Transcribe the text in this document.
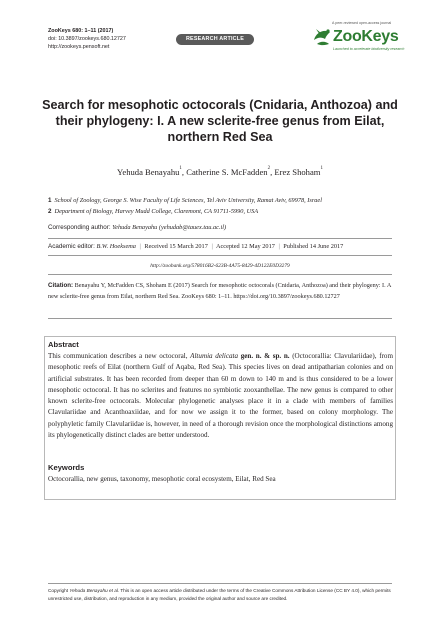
ZooKeys 680: 1–11 (2017)
doi: 10.3897/zookeys.680.12727
http://zookeys.pensoft.net
RESEARCH ARTICLE
A peer-reviewed open-access journal
ZooKeys
Launched to accelerate biodiversity research
Search for mesophotic octocorals (Cnidaria, Anthozoa) and their phylogeny: I. A new sclerite-free genus from Eilat, northern Red Sea
Yehuda Benayahu$^1$, Catherine S. McFadden$^2$, Erez Shoham$^1$
1 School of Zoology, George S. Wise Faculty of Life Sciences, Tel Aviv University, Ramat Aviv, 69978, Israel
2 Department of Biology, Harvey Mudd College, Claremont, CA 91711-5990, USA
Corresponding author: Yehuda Benayahu (yehudab@tauex.tau.ac.il)
Academic editor: B.W. Hoeksema | Received 15 March 2017 | Accepted 12 May 2017 | Published 14 June 2017
http://zoobank.org/578016B2-623B-4A75-8429-4D122E0D3279
Citation: Benayahu Y, McFadden CS, Shoham E (2017) Search for mesophotic octocorals (Cnidaria, Anthozoa) and their phylogeny: I. A new sclerite-free genus from Eilat, northern Red Sea. ZooKeys 680: 1–11. https://doi.org/10.3897/zookeys.680.12727
Abstract
This communication describes a new octocoral, Altumia delicata gen. n. & sp. n. (Octocorallia: Clavulariidae), from mesophotic reefs of Eilat (northern Gulf of Aqaba, Red Sea). This species lives on dead antipatharian colonies and on artificial substrates. It has been recorded from deeper than 60 m down to 140 m and is thus considered to be a lower mesophotic octocoral. It has no sclerites and features no symbiotic zooxanthellae. The new genus is compared to other known sclerite-free octocorals. Molecular phylogenetic analyses place it in a clade with members of families Clavulariidae and Acanthoaxiidae, and for now we assign it to the former, based on colony morphology. The polyphyletic family Clavulariidae is, however, in need of a thorough revision once the morphological distinctions among its phylogenetically distinct clades are better understood.
Keywords
Octocorallia, new genus, taxonomy, mesophotic coral ecosystem, Eilat, Red Sea
Copyright Yehuda Benayahu et al. This is an open access article distributed under the terms of the Creative Commons Attribution License (CC BY 4.0), which permits unrestricted use, distribution, and reproduction in any medium, provided the original author and source are credited.
